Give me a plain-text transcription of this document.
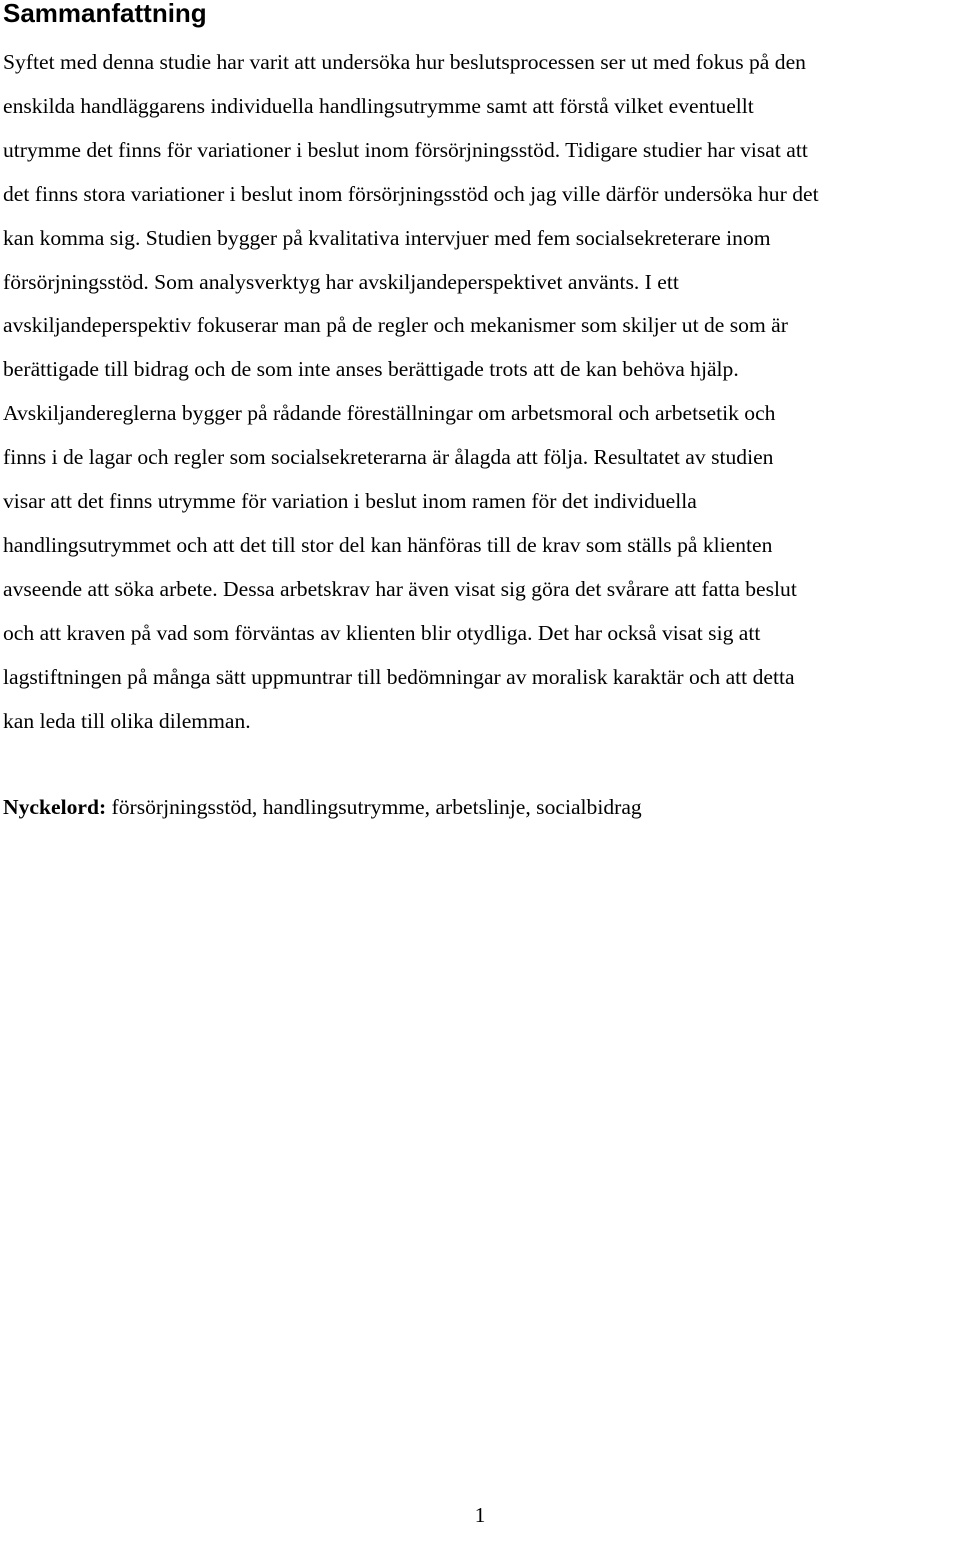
Sammanfattning
Syftet med denna studie har varit att undersöka hur beslutsprocessen ser ut med fokus på den
enskilda handläggarens individuella handlingsutrymme samt att förstå vilket eventuellt
utrymme det finns för variationer i beslut inom försörjningsstöd. Tidigare studier har visat att
det finns stora variationer i beslut inom försörjningsstöd och jag ville därför undersöka hur det
kan komma sig. Studien bygger på kvalitativa intervjuer med fem socialsekreterare inom
försörjningsstöd. Som analysverktyg har avskiljandeperspektivet använts. I ett
avskiljandeperspektiv fokuserar man på de regler och mekanismer som skiljer ut de som är
berättigade till bidrag och de som inte anses berättigade trots att de kan behöva hjälp.
Avskiljandereglerna bygger på rådande föreställningar om arbetsmoral och arbetsetik och
finns i de lagar och regler som socialsekreterarna är ålagda att följa. Resultatet av studien
visar att det finns utrymme för variation i beslut inom ramen för det individuella
handlingsutrymmet och att det till stor del kan hänföras till de krav som ställs på klienten
avseende att söka arbete. Dessa arbetskrav har även visat sig göra det svårare att fatta beslut
och att kraven på vad som förväntas av klienten blir otydliga. Det har också visat sig att
lagstiftningen på många sätt uppmuntrar till bedömningar av moralisk karaktär och att detta
kan leda till olika dilemman.

Nyckelord: försörjningsstöd, handlingsutrymme, arbetslinje, socialbidrag

1
